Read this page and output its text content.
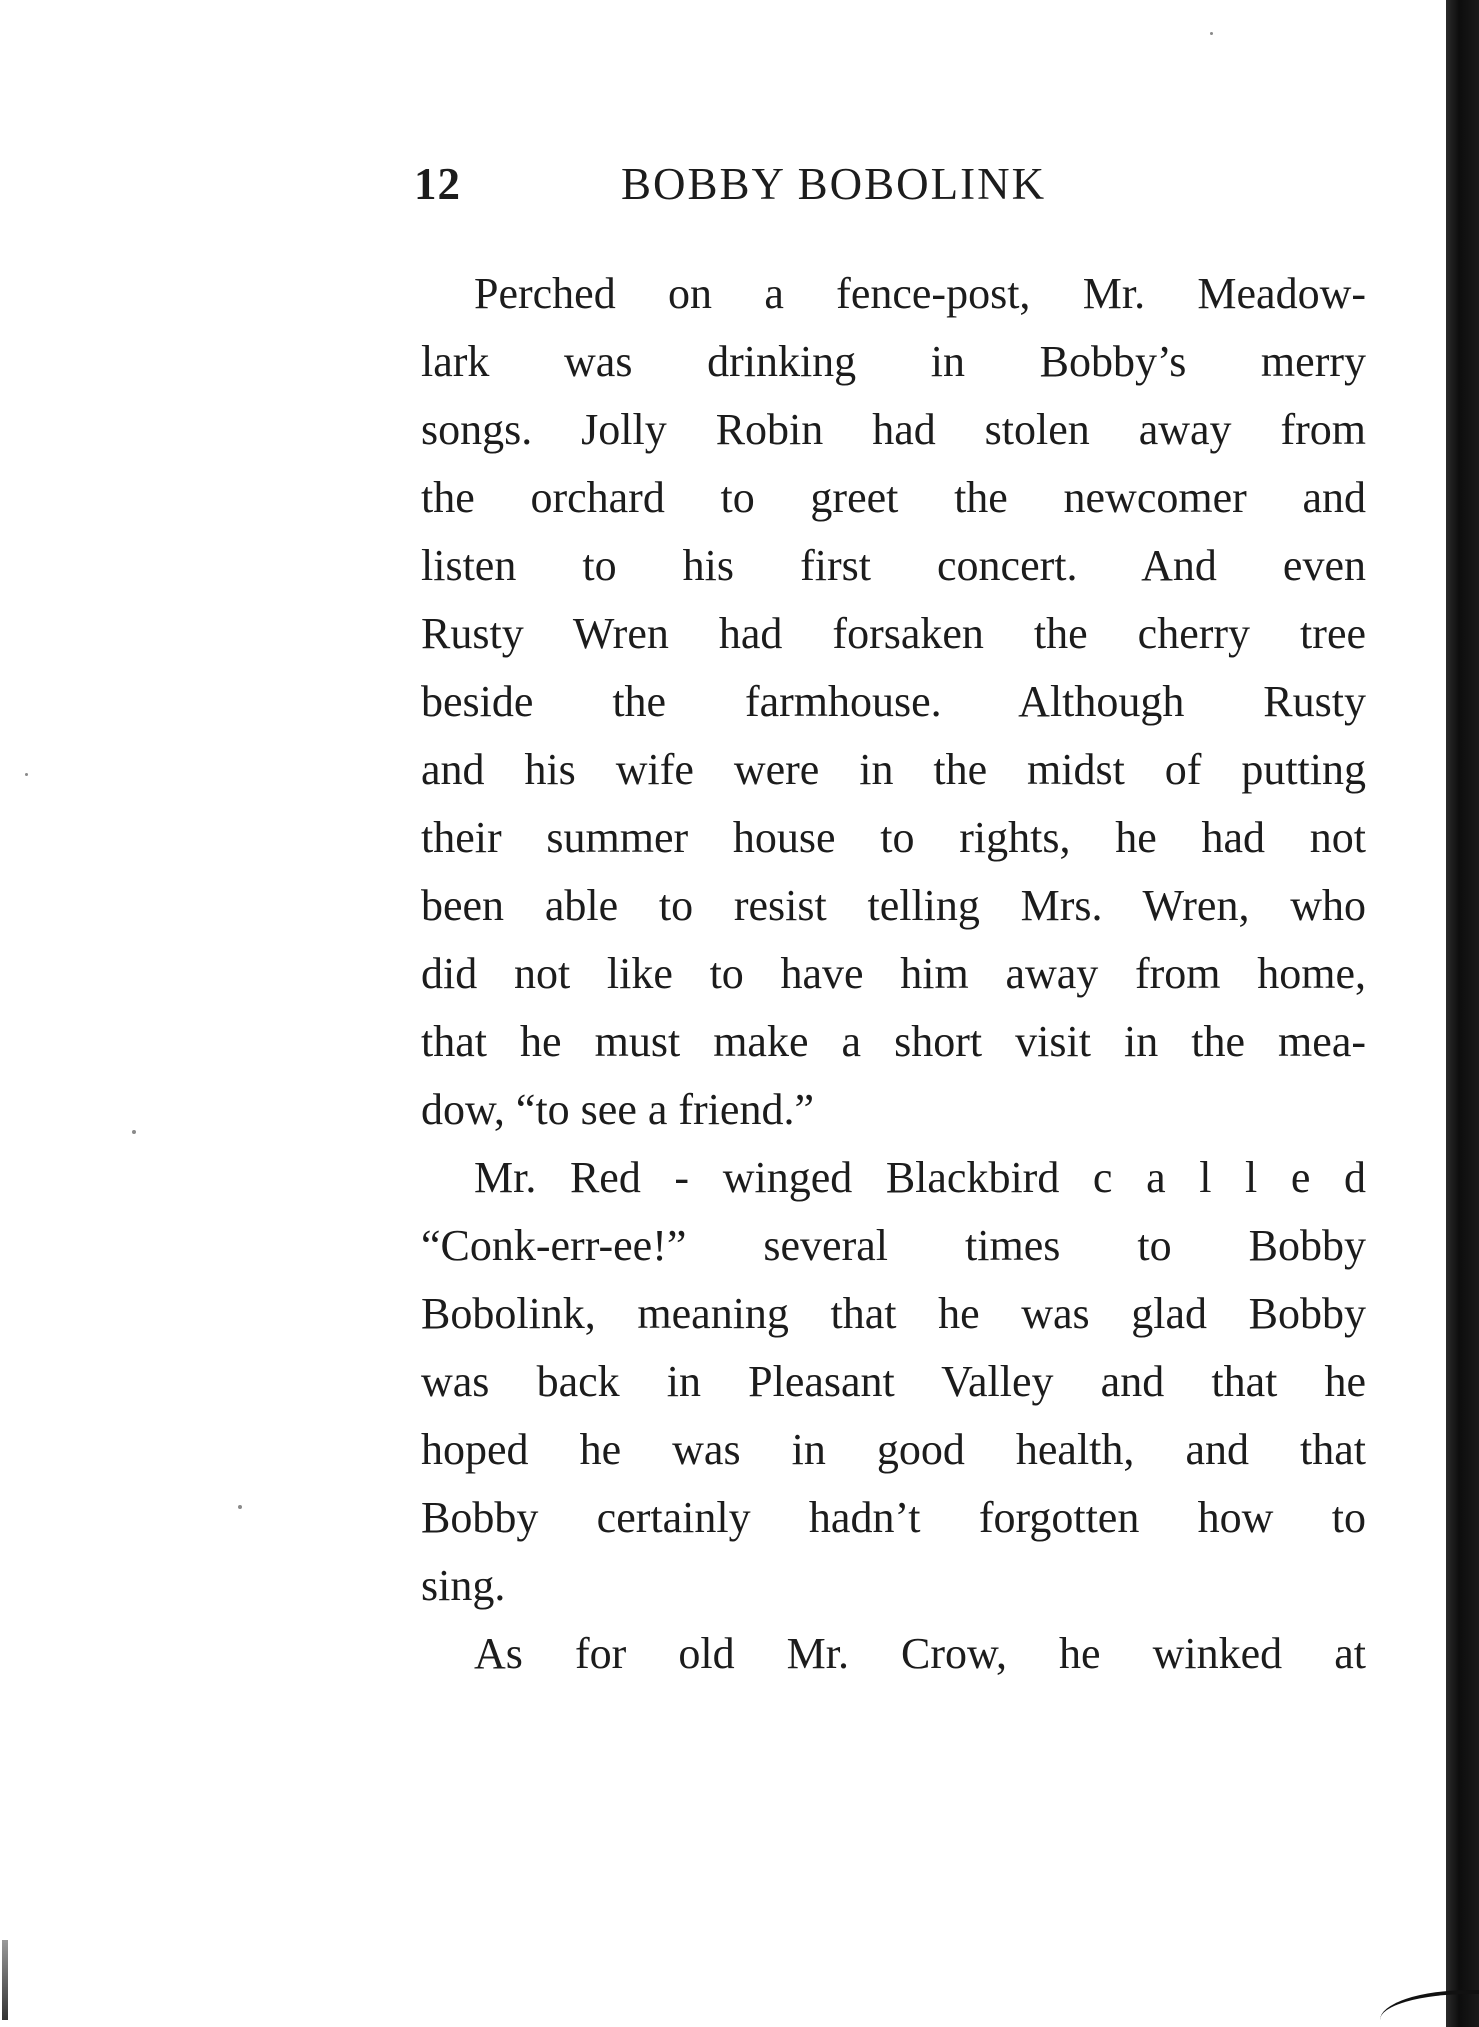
12	BOBBY BOBOLINK
Perched on a fence-post, Mr. Meadow-
lark was drinking in Bobby’s merry
songs. Jolly Robin had stolen away from
the orchard to greet the newcomer and
listen to his first concert. And even
Rusty Wren had forsaken the cherry tree
beside the farmhouse. Although Rusty
and his wife were in the midst of putting
their summer house to rights, he had not
been able to resist telling Mrs. Wren, who
did not like to have him away from home,
that he must make a short visit in the mea-
dow, “to see a friend.”
Mr. Red - winged Blackbird c a l l e d
“Conk-err-ee!” several times to Bobby
Bobolink, meaning that he was glad Bobby
was back in Pleasant Valley and that he
hoped he was in good health, and that
Bobby certainly hadn’t forgotten how to
sing.
As for old Mr. Crow, he winked at
